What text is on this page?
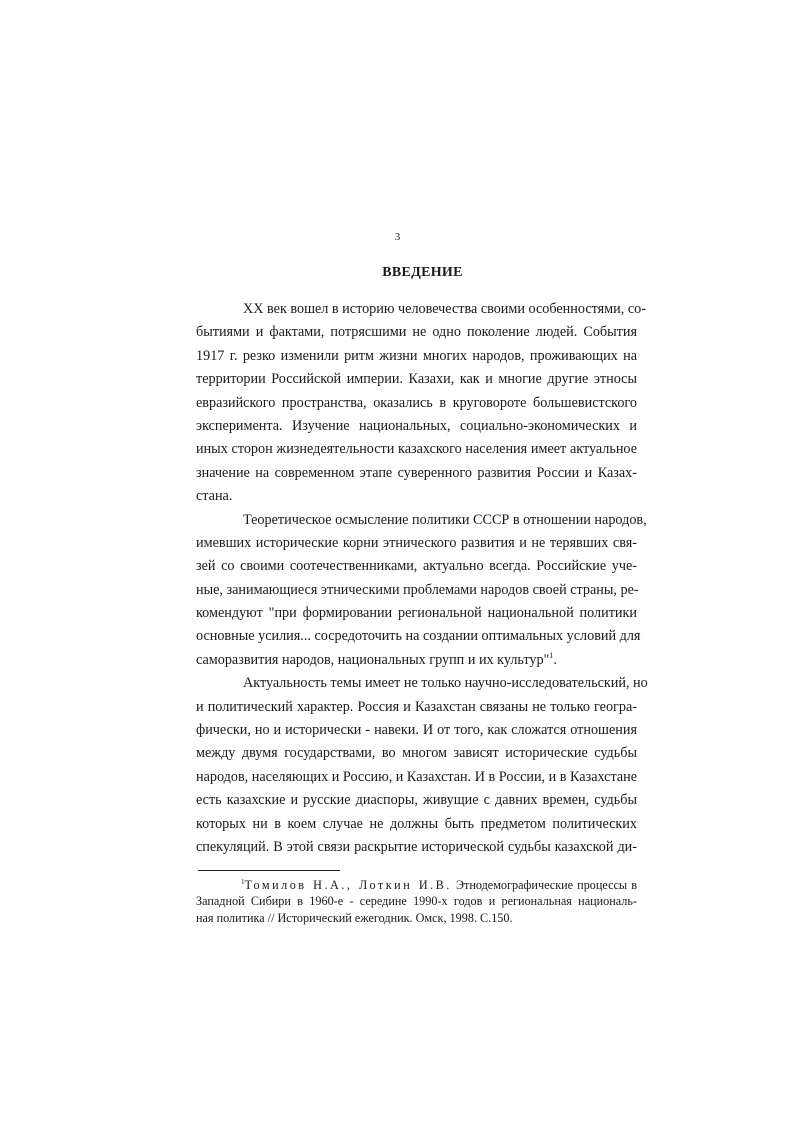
3
ВВЕДЕНИЕ
XX век вошел в историю человечества своими особенностями, со-
бытиями и фактами, потрясшими не одно поколение людей. События
1917 г. резко изменили ритм жизни многих народов, проживающих на
территории Российской империи. Казахи, как и многие другие этносы
евразийского пространства, оказались в круговороте большевистского
эксперимента. Изучение национальных, социально-экономических и
иных сторон жизнедеятельности казахского населения имеет актуальное
значение на современном этапе суверенного развития России и Казах-
стана.
Теоретическое осмысление политики СССР в отношении народов,
имевших исторические корни этнического развития и не терявших свя-
зей со своими соотечественниками, актуально всегда. Российские уче-
ные, занимающиеся этническими проблемами народов своей страны, ре-
комендуют "при формировании региональной национальной политики
основные усилия... сосредоточить на создании оптимальных условий для
саморазвития народов, национальных групп и их культур"$^1$.
Актуальность темы имеет не только научно-исследовательский, но
и политический характер. Россия и Казахстан связаны не только геогра-
фически, но и исторически - навеки. И от того, как сложатся отношения
между двумя государствами, во многом зависят исторические судьбы
народов, населяющих и Россию, и Казахстан. И в России, и в Казахстане
есть казахские и русские диаспоры, живущие с давних времен, судьбы
которых ни в коем случае не должны быть предметом политических
спекуляций. В этой связи раскрытие исторической судьбы казахской ди-
$^1$Томилов Н.А., Лоткин И.В. Этнодемографические процессы в
Западной Сибири в 1960-е - середине 1990-х годов и региональная националь-
ная политика // Исторический ежегодник. Омск, 1998. С.150.
